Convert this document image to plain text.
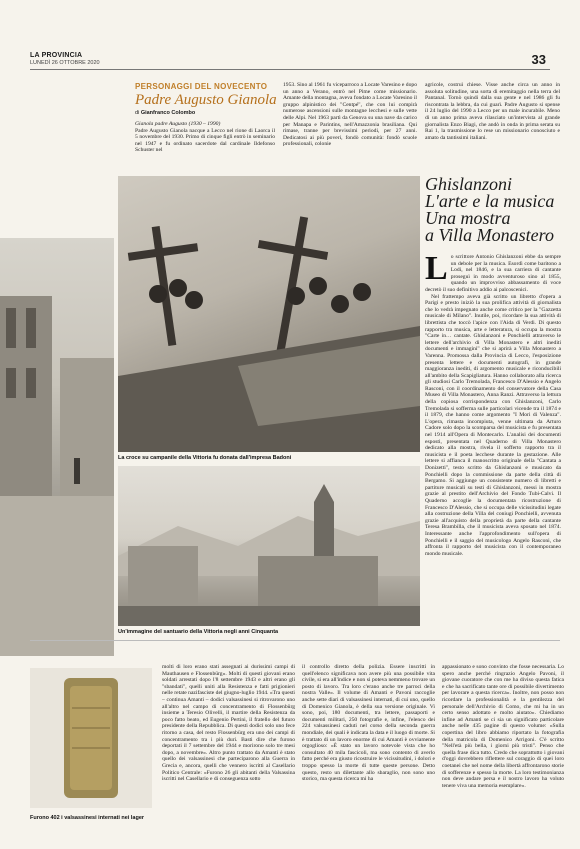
LA PROVINCIA
LUNEDÌ 26 OTTOBRE 2020	33
PERSONAGGI DEL NOVECENTO
Padre Augusto Gianola
di Gianfranco Colombo
Gianola padre Augusto (1930 – 1990)
Padre Augusto Gianola nacque a Lecco nel rione di Laorca il 5 novembre del 1930. Primo di cinque figli entrò in seminario nel 1947 e fu ordinato sacerdote dal cardinale Ildefonso Schuster nel
1953. Sino al 1961 fu viceparroco a Locate Varesino e dopo un anno a Verano, entrò nel Pime come missionario. Amante della montagna, aveva fondato a Locate Varesino il gruppo alpinistico dei "Centpé", che con lui compirà numerose ascensioni sulle montagne lecchesi e sulle vette delle Alpi. Nel 1963 partì da Genova su una nave da carico per Manapa e Parintins, nell'Amazzonia brasiliana. Qui rimase, tranne per brevissimi periodi, per 27 anni. Dedicatosi ai più poveri, fondò comunità: fondò scuole professionali, colonie
agricole, costruì chiese. Visse anche circa un anno in assoluta solitudine, una sorta di eremitaggio nella terra del Pantanal. Tornò quindi dalla sua gente e nel 1986 gli fu riscontrata la lebbra, da cui guarì. Padre Augusto si spense il 24 luglio del 1990 a Lecco per un male incurabile. Meno di un anno prima aveva rilasciato un'intervista al grande giornalista Enzo Biagi, che andò in onda in prima serata su Rai 1, la trasmissione lo rese un missionario conosciuto e amato da tantissimi italiani.
La croce su campanile della Vittoria fu donata dall'impresa Badoni
Un'immagine del santuario della Vittoria negli anni Cinquanta
Ghislanzoni
L'arte e la musica
Una mostra
a Villa Monastero
Lo scrittore Antonio Ghislanzoni ebbe da sempre un debole per la musica. Esordì come baritono a Lodi, nel 1846, e la sua carriera di cantante proseguì in modo avventuroso sino al 1855, quando un improvviso abbassamento di voce decretò il suo definitivo addio ai palcoscenici.

Nel frattempo aveva già scritto un libretto d'opera a Parigi e presto iniziò la sua prolifica attività di giornalista che lo vedrà impegnato anche come critico per la "Gazzetta musicale di Milano". Inutile, poi, ricordare la sua attività di librettista che toccò l'apice con l'Aida di Verdi. Di questo rapporto tra musica, arte e letteratura, si occupa la mostra "Carte in… cantate. Ghislanzoni e Ponchielli attraverso le lettere dell'archivio di Villa Monastero e altri inediti documenti e immagini" che si aprirà a Villa Monastero a Varenna. Promossa dalla Provincia di Lecco, l'esposizione presenta lettere e documenti autografi, in grande maggioranza inediti, di argomento musicale e riconducibili all'ambito della Scapigliatura. Hanno collaborato alla ricerca gli studiosi Carlo Tremolada, Francesco D'Alessio e Angelo Rasconi, con il coordinamento del conservatore della Casa Museo di Villa Monastero, Anna Ranzi. Attraverso la lettura della copiosa corrispondenza con Ghislanzoni, Carlo Tremolada si sofferma sulle particolari vicende tra il 1874 e il 1879, che hanno come argomento "I Mori di Valenza". L'opera, rimasta incompiuta, venne ultimata da Arturo Cadore solo dopo la scomparsa del musicista e fu presentata nel 1914 all'Opera di Montecarlo. L'analisi dei documenti esposti, presentata nel Quaderno di Villa Monastero dedicato alla mostra, rivela il sofferto rapporto tra il musicista e il poeta lecchese durante la gestazione. Alle lettere si affianca il manoscritto originale della "Cantata a Donizetti", testo scritto da Ghislanzoni e musicato da Ponchielli dopo la commissione da parte della città di Bergamo. Si aggiunge un consistente numero di libretti e partiture musicali su testi di Ghislanzoni, messi in mostra grazie al prestito dell'Archivio del Fondo Tubi-Calvi. Il Quaderno accoglie la documentata ricostruzione di Francesco D'Alessio, che si occupa delle vicissitudini legate alla costruzione della Villa del coniugi Ponchielli, avvenuta grazie all'acquisto della proprietà da parte della cantante Teresa Brambilla, che il musicista aveva sposato nel 1874. Interessante anche l'approfondimento sull'opera di Ponchielli e il saggio del musicologo Angelo Rasconi, che affronta il rapporto del musicista con il contemporaneo mondo musicale.

Furono 402 i valsassinesi internati nei lager
molti di loro erano stati assegnati ai durissimi campi di Mauthausen e Flossenbürg». Molti di questi giovani erano soldati arrestati dopo l'8 settembre 1943 e altri erano gli "sbandati", quelli uniti alla Resistenza e fatti prigionieri nelle retate nazifasciste del giugno-luglio 1944. «Tra questi – continua Amanti – dodici valsassinesi si ritrovarono uno all'altro nel campo di concentramento di Flossenbürg insieme a Teresio Olivelli, il martire della Resistenza da poco fatto beato, ed Eugenio Pertini, il fratello del futuro presidente della Repubblica. Di questi dodici solo uno fece ritorno a casa, del resto Flossenbürg era uno dei campi di concentramento tra i più duri. Basti dire che furono deportati il 7 settembre del 1944 e morirono solo tre mesi dopo, a novembre». Altro punto trattato da Amanti è stato quello dei valsassinesi che parteciparono alla Guerra in Grecia e, ancora, quelli che vennero iscritti al Casellario Politico Centrale: «Furono 26 gli abitanti della Valsassina iscritti nel Casellario e di conseguenza sotto
il controllo diretto della polizia. Essere inscritti in quell'elenco significava non avere più una possibile vita civile, si era all'indice e non si poteva nemmeno trovare un posto di lavoro. Tra loro c'erano anche tre parroci della nostra Valle». Il volume di Amanti e Pavoni raccoglie anche sette diari di valsassinesi internati, di cui uno, quello di Domenico Gianola, è della sua versione originale. Vi sono, poi, 180 documenti, tra lettere, passaporti e documenti militari, 250 fotografie e, infine, l'elenco dei 224 valsassinesi caduti nel corso della seconda guerra mondiale, dei quali è indicata la data e il luogo di morte. Si è trattato di un lavoro enorme di cui Amanti è ovviamente orgoglioso: «È stato un lavoro notevole vista che ho consultato 40 mila fascicoli, ma sono contento di averlo fatto perché era giusto ricostruire le vicissitudini, i dolori e troppo spesso la morte di tutte queste persone. Detto questo, resto un dilettante allo sbaraglio, non sono uno storico, ma questa ricerca mi ha
appassionato e sono convinto che fosse necessaria. Lo spero anche perché ringrazio Angelo Pavoni, il giovane cuoratore che con me ha diviso questa fatica e che ha sacrificato tante ore di possibile divertimento per lavorare a questa ricerca». Inoltre, non posso non ricordare la professionalità e la gentilezza del personale dell'Archivio di Como, che mi ha in un certo senso adottato e molto aiutato». Chiediamo infine ad Amanti se ci sia un significato particolare anche nelle 435 pagine di questo volume: «Sulla copertina del libro abbiamo riportato la fotografia della matricola di Domenico Arrigoni. C'è scritto "Nell'età più bella, i giorni più tristi". Penso che quella frase dica tutto. Credo che soprattutto i giovani d'oggi dovrebbero riflettere sul coraggio di quei loro coetanei che nel nome della libertà affrontarono storie di sofferenze e spesso la morte. La loro testimonianza non deve andare persa e il nostro lavoro ha voluto tenere viva una memoria esemplare».
